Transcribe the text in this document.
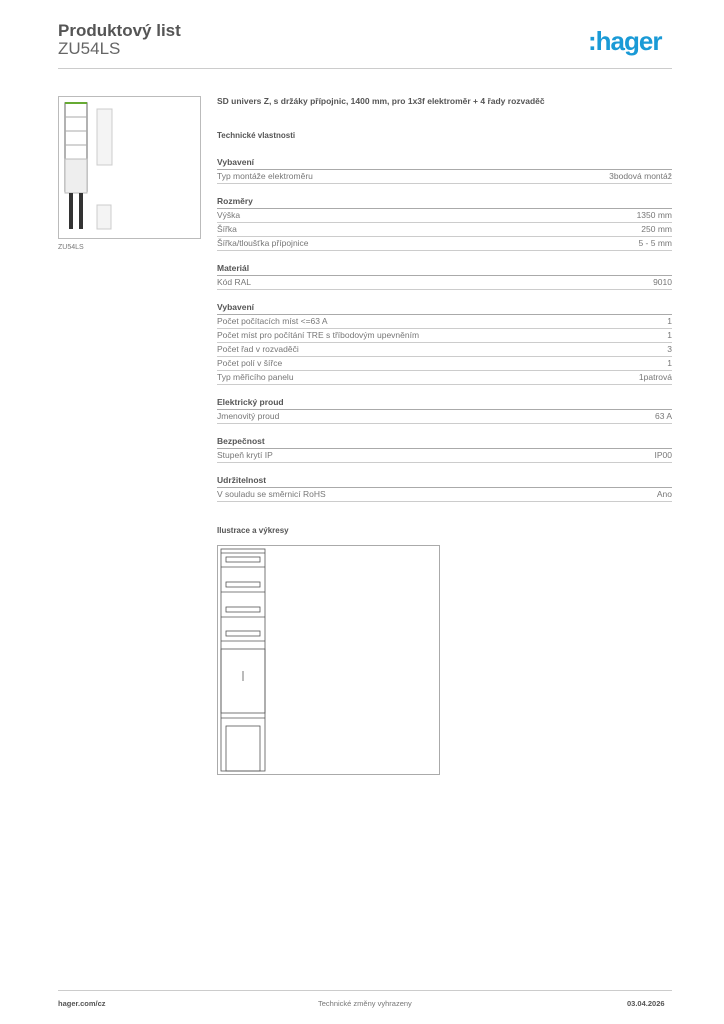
Produktový list
ZU54LS	:hager
ZU54LS
SD univers Z, s držáky přípojnic, 1400 mm, pro 1x3f elektroměr + 4 řady rozvaděč
Technické vlastnosti
Vybavení
Typ montáže elektroměru	3bodová montáž
Rozměry
Výška	1350 mm
Šířka	250 mm
Šířka/tloušťka přípojnice	5 - 5 mm
Materiál
Kód RAL	9010
Vybavení
Počet počítacích míst <=63 A	1
Počet míst pro počítání TRE s tříbodovým upevněním	1
Počet řad v rozvaděči	3
Počet polí v šířce	1
Typ měřicího panelu	1patrová
Elektrický proud
Jmenovitý proud	63 A
Bezpečnost
Stupeň krytí IP	IP00
Udržitelnost
V souladu se směrnicí RoHS	Ano
Ilustrace a výkresy
hager.com/cz	Technické změny vyhrazeny	03.04.2026
